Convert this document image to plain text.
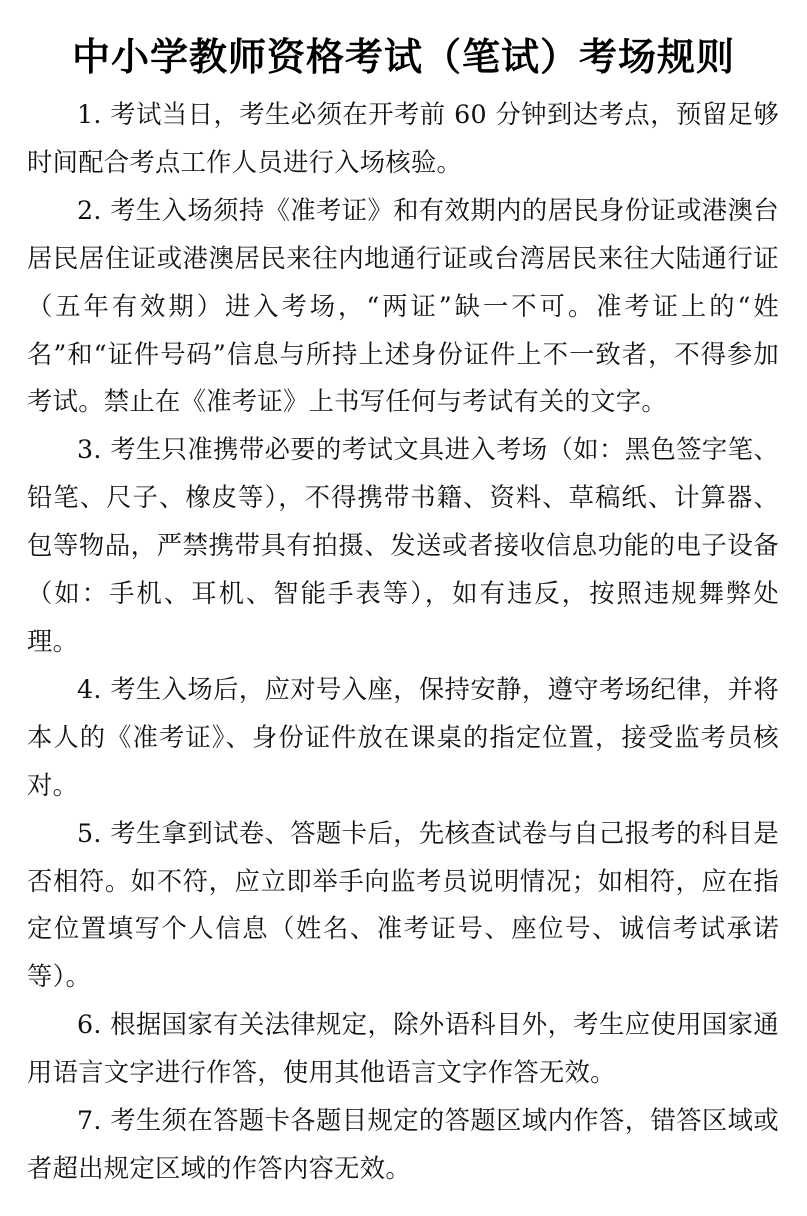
中小学教师资格考试（笔试）考场规则

1. 考试当日，考生必须在开考前 60 分钟到达考点，预留足够时间配合考点工作人员进行入场核验。

2. 考生入场须持《准考证》和有效期内的居民身份证或港澳台居民居住证或港澳居民来往内地通行证或台湾居民来往大陆通行证（五年有效期）进入考场，“两证”缺一不可。准考证上的“姓名”和“证件号码”信息与所持上述身份证件上不一致者，不得参加考试。禁止在《准考证》上书写任何与考试有关的文字。

3. 考生只准携带必要的考试文具进入考场（如：黑色签字笔、铅笔、尺子、橡皮等），不得携带书籍、资料、草稿纸、计算器、包等物品，严禁携带具有拍摄、发送或者接收信息功能的电子设备（如：手机、耳机、智能手表等），如有违反，按照违规舞弊处理。

4. 考生入场后，应对号入座，保持安静，遵守考场纪律，并将本人的《准考证》、身份证件放在课桌的指定位置，接受监考员核对。

5. 考生拿到试卷、答题卡后，先核查试卷与自己报考的科目是否相符。如不符，应立即举手向监考员说明情况；如相符，应在指定位置填写个人信息（姓名、准考证号、座位号、诚信考试承诺等）。

6. 根据国家有关法律规定，除外语科目外，考生应使用国家通用语言文字进行作答，使用其他语言文字作答无效。

7. 考生须在答题卡各题目规定的答题区域内作答，错答区域或者超出规定区域的作答内容无效。
